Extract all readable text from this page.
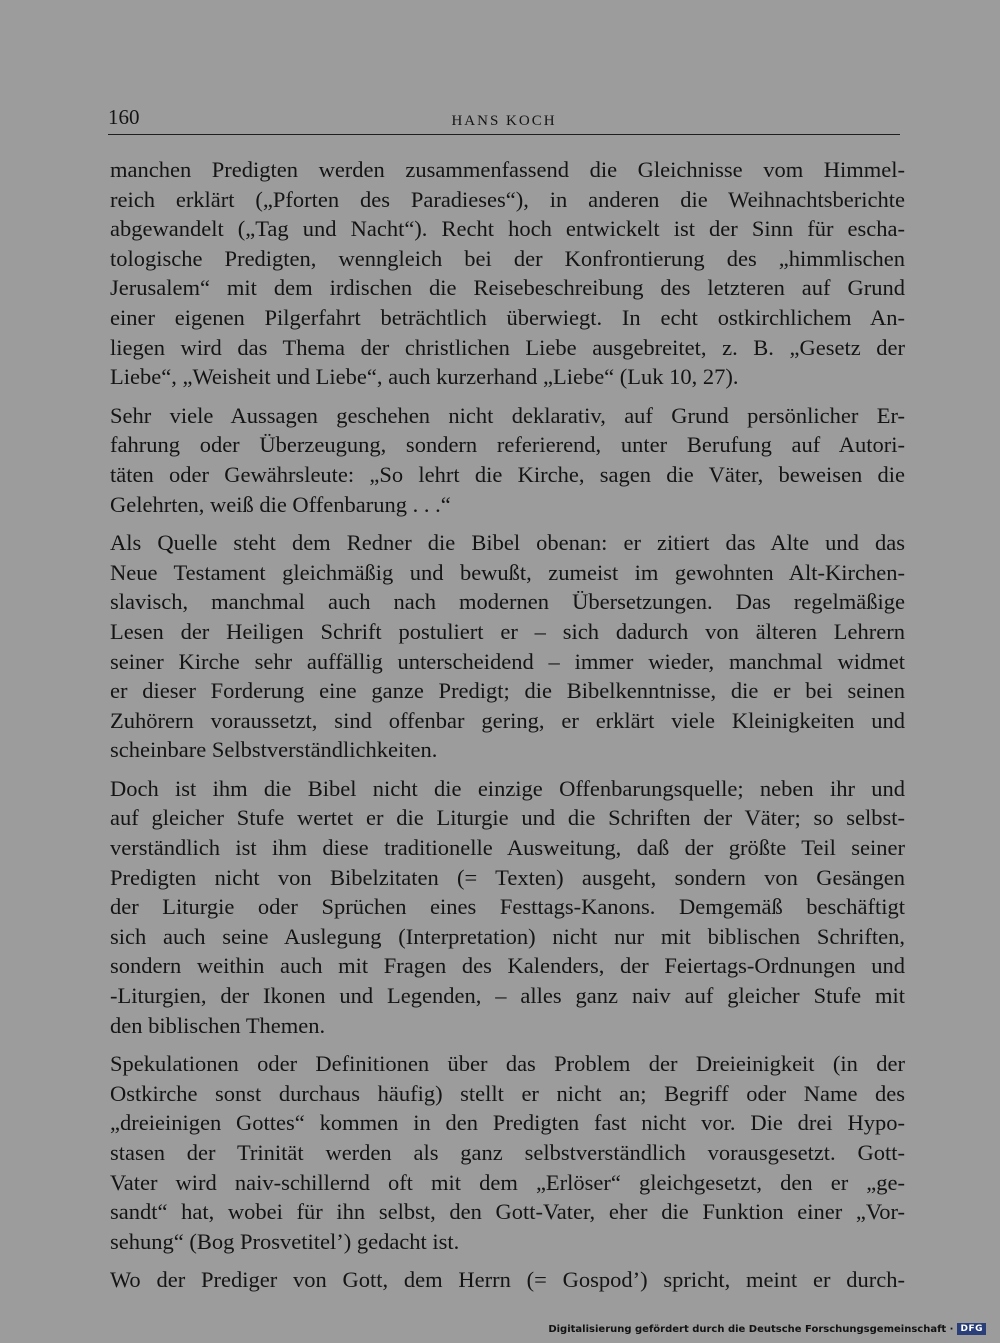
160	HANS KOCH
manchen Predigten werden zusammenfassend die Gleichnisse vom Himmel-
reich erklärt („Pforten des Paradieses“), in anderen die Weihnachtsberichte
abgewandelt („Tag und Nacht“). Recht hoch entwickelt ist der Sinn für escha-
tologische Predigten, wenngleich bei der Konfrontierung des „himmlischen
Jerusalem“ mit dem irdischen die Reisebeschreibung des letzteren auf Grund
einer eigenen Pilgerfahrt beträchtlich überwiegt. In echt ostkirchlichem An-
liegen wird das Thema der christlichen Liebe ausgebreitet, z. B. „Gesetz der
Liebe“, „Weisheit und Liebe“, auch kurzerhand „Liebe“ (Luk 10, 27).
Sehr viele Aussagen geschehen nicht deklarativ, auf Grund persönlicher Er-
fahrung oder Überzeugung, sondern referierend, unter Berufung auf Autori-
täten oder Gewährsleute: „So lehrt die Kirche, sagen die Väter, beweisen die
Gelehrten, weiß die Offenbarung . . .“
Als Quelle steht dem Redner die Bibel obenan: er zitiert das Alte und das
Neue Testament gleichmäßig und bewußt, zumeist im gewohnten Alt-Kirchen-
slavisch, manchmal auch nach modernen Übersetzungen. Das regelmäßige
Lesen der Heiligen Schrift postuliert er – sich dadurch von älteren Lehrern
seiner Kirche sehr auffällig unterscheidend – immer wieder, manchmal widmet
er dieser Forderung eine ganze Predigt; die Bibelkenntnisse, die er bei seinen
Zuhörern voraussetzt, sind offenbar gering, er erklärt viele Kleinigkeiten und
scheinbare Selbstverständlichkeiten.
Doch ist ihm die Bibel nicht die einzige Offenbarungsquelle; neben ihr und
auf gleicher Stufe wertet er die Liturgie und die Schriften der Väter; so selbst-
verständlich ist ihm diese traditionelle Ausweitung, daß der größte Teil seiner
Predigten nicht von Bibelzitaten (= Texten) ausgeht, sondern von Gesängen
der Liturgie oder Sprüchen eines Festtags-Kanons. Demgemäß beschäftigt
sich auch seine Auslegung (Interpretation) nicht nur mit biblischen Schriften,
sondern weithin auch mit Fragen des Kalenders, der Feiertags-Ordnungen und
-Liturgien, der Ikonen und Legenden, – alles ganz naiv auf gleicher Stufe mit
den biblischen Themen.
Spekulationen oder Definitionen über das Problem der Dreieinigkeit (in der
Ostkirche sonst durchaus häufig) stellt er nicht an; Begriff oder Name des
„dreieinigen Gottes“ kommen in den Predigten fast nicht vor. Die drei Hypo-
stasen der Trinität werden als ganz selbstverständlich vorausgesetzt. Gott-
Vater wird naiv-schillernd oft mit dem „Erlöser“ gleichgesetzt, den er „ge-
sandt“ hat, wobei für ihn selbst, den Gott-Vater, eher die Funktion einer „Vor-
sehung“ (Bog Prosvetitel’) gedacht ist.
Wo der Prediger von Gott, dem Herrn (= Gospod’) spricht, meint er durch-
Digitalisierung gefördert durch die Deutsche Forschungsgemeinschaft · DFG
